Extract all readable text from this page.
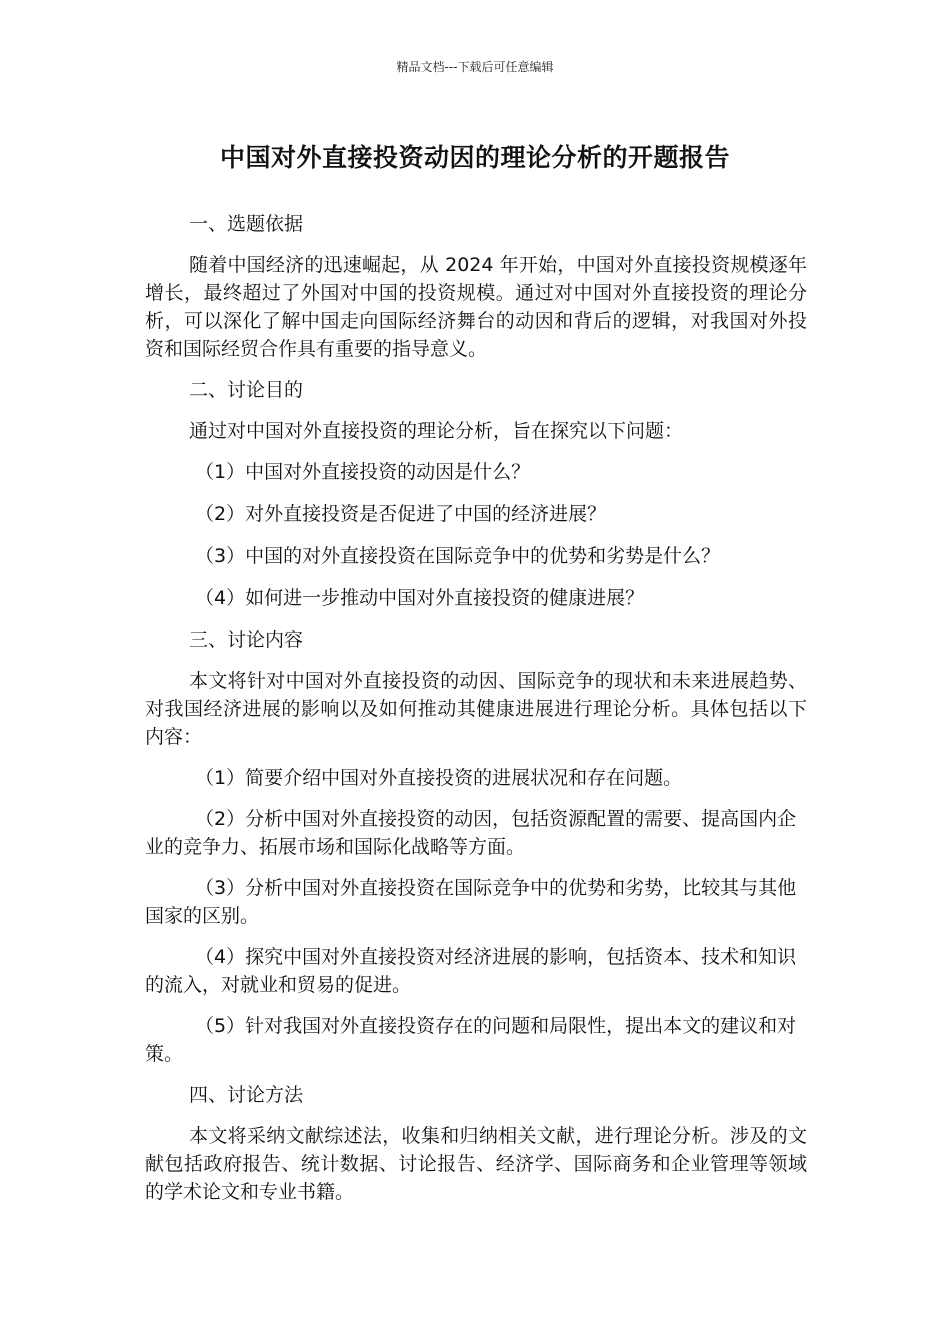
精品文档---下载后可任意编辑
中国对外直接投资动因的理论分析的开题报告
一、选题依据
随着中国经济的迅速崛起，从 2024 年开始，中国对外直接投资规模逐年增长，最终超过了外国对中国的投资规模。通过对中国对外直接投资的理论分析，可以深化了解中国走向国际经济舞台的动因和背后的逻辑，对我国对外投资和国际经贸合作具有重要的指导意义。
二、讨论目的
通过对中国对外直接投资的理论分析，旨在探究以下问题：
（1）中国对外直接投资的动因是什么？
（2）对外直接投资是否促进了中国的经济进展？
（3）中国的对外直接投资在国际竞争中的优势和劣势是什么？
（4）如何进一步推动中国对外直接投资的健康进展？
三、讨论内容
本文将针对中国对外直接投资的动因、国际竞争的现状和未来进展趋势、对我国经济进展的影响以及如何推动其健康进展进行理论分析。具体包括以下内容：
（1）简要介绍中国对外直接投资的进展状况和存在问题。
（2）分析中国对外直接投资的动因，包括资源配置的需要、提高国内企业的竞争力、拓展市场和国际化战略等方面。
（3）分析中国对外直接投资在国际竞争中的优势和劣势，比较其与其他国家的区别。
（4）探究中国对外直接投资对经济进展的影响，包括资本、技术和知识的流入，对就业和贸易的促进。
（5）针对我国对外直接投资存在的问题和局限性，提出本文的建议和对策。
四、讨论方法
本文将采纳文献综述法，收集和归纳相关文献，进行理论分析。涉及的文献包括政府报告、统计数据、讨论报告、经济学、国际商务和企业管理等领域的学术论文和专业书籍。
